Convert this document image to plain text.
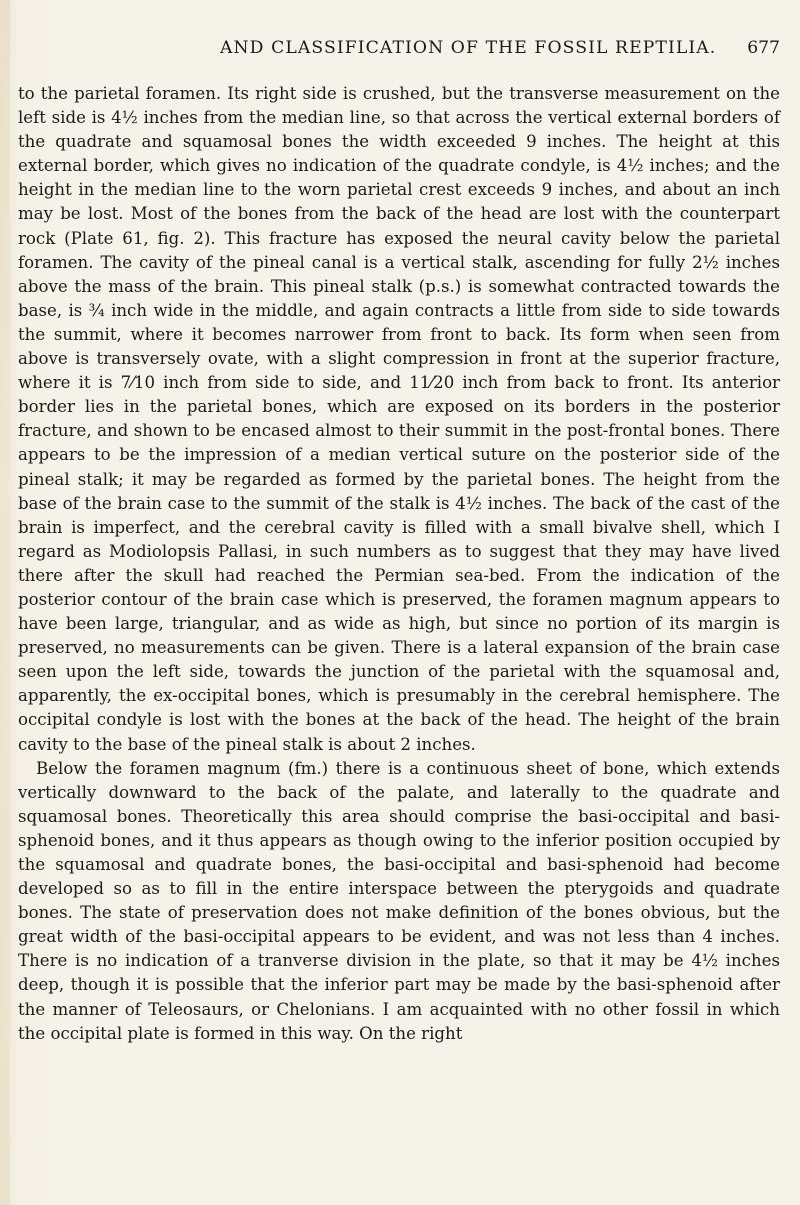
AND CLASSIFICATION OF THE FOSSIL REPTILIA. 677

to the parietal foramen. Its right side is crushed, but the transverse measurement on the left side is 4½ inches from the median line, so that across the vertical external borders of the quadrate and squamosal bones the width exceeded 9 inches. The height at this external border, which gives no indication of the quadrate condyle, is 4½ inches; and the height in the median line to the worn parietal crest exceeds 9 inches, and about an inch may be lost. Most of the bones from the back of the head are lost with the counterpart rock (Plate 61, fig. 2). This fracture has exposed the neural cavity below the parietal foramen. The cavity of the pineal canal is a vertical stalk, ascending for fully 2½ inches above the mass of the brain. This pineal stalk (p.s.) is somewhat contracted towards the base, is ¾ inch wide in the middle, and again contracts a little from side to side towards the summit, where it becomes narrower from front to back. Its form when seen from above is transversely ovate, with a slight compression in front at the superior fracture, where it is 7⁄10 inch from side to side, and 11⁄20 inch from back to front. Its anterior border lies in the parietal bones, which are exposed on its borders in the posterior fracture, and shown to be encased almost to their summit in the post-frontal bones. There appears to be the impression of a median vertical suture on the posterior side of the pineal stalk; it may be regarded as formed by the parietal bones. The height from the base of the brain case to the summit of the stalk is 4½ inches. The back of the cast of the brain is imperfect, and the cerebral cavity is filled with a small bivalve shell, which I regard as Modiolopsis Pallasi, in such numbers as to suggest that they may have lived there after the skull had reached the Permian sea-bed. From the indication of the posterior contour of the brain case which is preserved, the foramen magnum appears to have been large, triangular, and as wide as high, but since no portion of its margin is preserved, no measurements can be given. There is a lateral expansion of the brain case seen upon the left side, towards the junction of the parietal with the squamosal and, apparently, the ex-occipital bones, which is presumably in the cerebral hemisphere. The occipital condyle is lost with the bones at the back of the head. The height of the brain cavity to the base of the pineal stalk is about 2 inches.

Below the foramen magnum (fm.) there is a continuous sheet of bone, which extends vertically downward to the back of the palate, and laterally to the quadrate and squamosal bones. Theoretically this area should comprise the basi-occipital and basi-sphenoid bones, and it thus appears as though owing to the inferior position occupied by the squamosal and quadrate bones, the basi-occipital and basi-sphenoid had become developed so as to fill in the entire interspace between the pterygoids and quadrate bones. The state of preservation does not make definition of the bones obvious, but the great width of the basi-occipital appears to be evident, and was not less than 4 inches. There is no indication of a tranverse division in the plate, so that it may be 4½ inches deep, though it is possible that the inferior part may be made by the basi-sphenoid after the manner of Teleosaurs, or Chelonians. I am acquainted with no other fossil in which the occipital plate is formed in this way. On the right
